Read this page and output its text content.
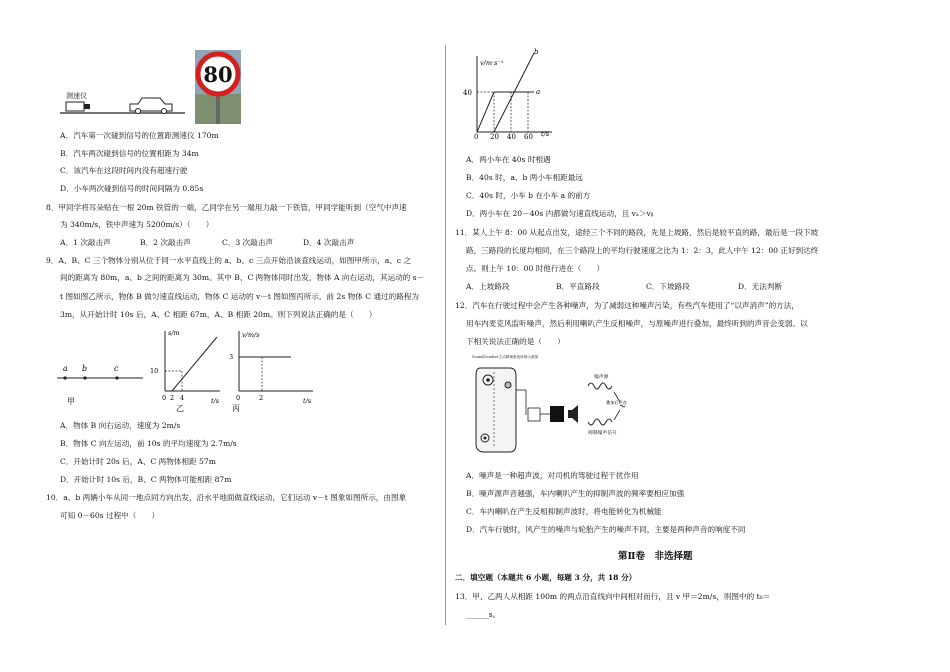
测速仪
80
A．汽车第一次碰到信号的位置距测速仪 170m
B．汽车两次碰到信号的位置相距为 34m
C．该汽车在这段时间内没有超速行驶
D．小车两次碰到信号的时间间隔为 0.85s
8．甲同学将耳朵贴在一根 20m 铁管的一端，乙同学在另一端用力敲一下铁管，甲同学能听到（空气中声速
为 340m/s，铁中声速为 5200m/s）（　　）
A．1 次敲击声	B．2 次敲击声	C．3 次敲击声	D．4 次敲击声
9．A、B、C 三个物体分别从位于同一水平直线上的 a、b、c 三点开始沿该直线运动，如图甲所示，a、c 之
间的距离为 80m，a、b 之间的距离为 30m。其中 B、C 两物体同时出发，物体 A 向右运动，其运动的 s－
t 图如图乙所示，物体 B 做匀速直线运动，物体 C 运动的 v－t 图如图丙所示，前 2s 物体 C 通过的路程为
3m，从开始计时 10s 后，A、C 相距 67m，A、B 相距 20m。则下列说法正确的是（　　）
a b	c
甲
s/m
t/s
10
0 2 4
乙
v/m/s
t/s
3
0	2
丙
A．物体 B 向右运动，速度为 2m/s
B．物体 C 向左运动，前 10s 的平均速度为 2.7m/s
C．开始计时 20s 后，A、C 两物体相距 57m
D．开始计时 10s 后，B、C 两物体可能相距 87m
10．a，b 两辆小车从同一地点同方向出发，沿水平地面做直线运动，它们运动 v－t 图象如图所示，由图象
可知 0－60s 过程中（　　）
v/m·s⁻¹
t/s
40
0 20 40 60
a
b
A．两小车在 40s 时相遇
B．40s 时，a、b 两小车相距最远
C．40s 时，小车 b 在小车 a 的前方
D．两小车在 20－40s 内都做匀速直线运动，且 vₐ＞vᵦ
11．某人上午 8：00 从起点出发，途经三个不同的路段，先是上坡路，然后是较平直的路，最后是一段下坡
路，三路段的长度均相同，在三个路段上的平均行驶速度之比为 1：2：3，此人中午 12：00 正好到达终
点。则上午 10：00 时他行进在（　　）
A．上坡路段	B．平直路段	C．下坡路段	D．无法判断
12．汽车在行驶过程中会产生各种噪声，为了减弱这种噪声污染，有些汽车使用了“以声消声”的方法，
用车内麦克风监听噪声，然后利用喇叭产生反相噪声，与原噪声进行叠加，最终听到的声音会变弱。以
下相关说法正确的是（　　）
SoundComfort主动降噪系统原理示意图
噪声源
抑制噪声信号
叠加后声音
A．噪声是一种超声波，对司机的驾驶过程干扰作用
B．噪声源声音越强，车内喇叭产生的抑制声波的频率要相应加强
C．车内喇叭在产生反相抑制声波时，将电能转化为机械能
D．汽车行驶时，风产生的噪声与轮胎产生的噪声不同，主要是两种声音的响度不同
第Ⅱ卷　非选择题
二．填空题（本题共 6 小题，每题 3 分，共 18 分）
13．甲、乙两人从相距 100m 的两点沿直线向中间相对而行，且 v 甲＝2m/s，则图中的 t₀＝
______s。
